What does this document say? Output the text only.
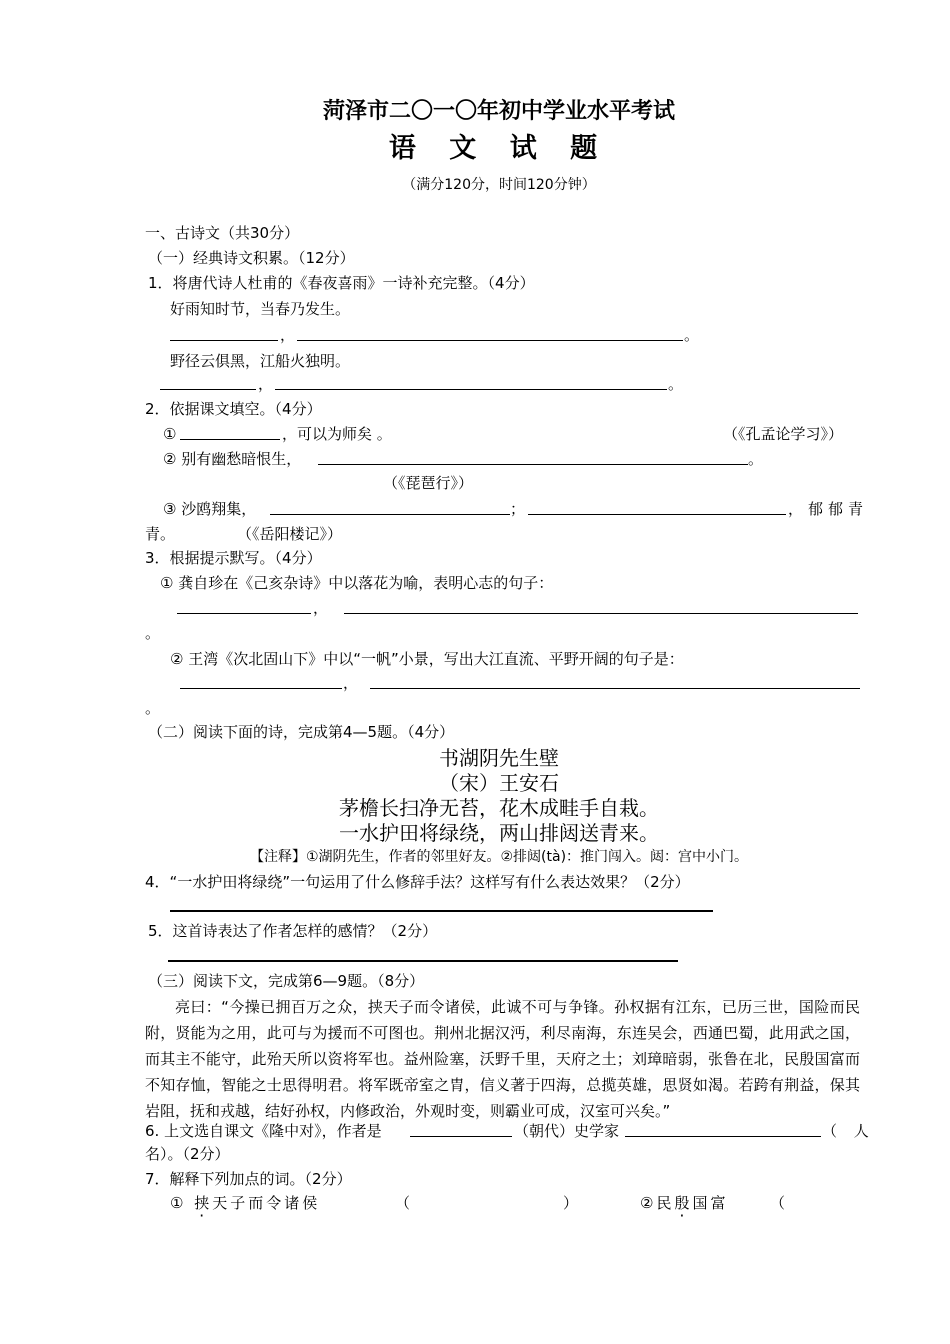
菏泽市二〇一〇年初中学业水平考试
语 文 试 题
（满分120分，时间120分钟）
一、古诗文（共30分）
（一）经典诗文积累。（12分）
1．将唐代诗人杜甫的《春夜喜雨》一诗补充完整。（4分）
好雨知时节，当春乃发生。
，	。
野径云俱黑，江船火独明。
，	。
2．依据课文填空。（4分）
①	，可以为师矣 。	（《孔孟论学习》）
② 别有幽愁暗恨生，	。
（《琵琶行》）
③ 沙鸥翔集，	；	，郁郁青
青。	（《岳阳楼记》）
3．根据提示默写。（4分）
① 龚自珍在《己亥杂诗》中以落花为喻，表明心志的句子：
，
。
② 王湾《次北固山下》中以“一帆”小景，写出大江直流、平野开阔的句子是：
，
。
（二）阅读下面的诗，完成第4—5题。（4分）
书湖阴先生壁
（宋）王安石
茅檐长扫净无苔，花木成畦手自栽。
一水护田将绿绕，两山排闼送青来。
【注释】①湖阴先生，作者的邻里好友。②排闼(tà)：推门闯入。闼：宫中小门。
4．“一水护田将绿绕”一句运用了什么修辞手法？这样写有什么表达效果？（2分）
5．这首诗表达了作者怎样的感情？（2分）
（三）阅读下文，完成第6—9题。（8分）
亮曰：“今操已拥百万之众，挟天子而令诸侯，此诚不可与争锋。孙权据有江东，已历三世，国险而民附，贤能为之用，此可与为援而不可图也。荆州北据汉沔，利尽南海，东连吴会，西通巴蜀，此用武之国，而其主不能守，此殆天所以资将军也。益州险塞，沃野千里，天府之土；刘璋暗弱，张鲁在北，民殷国富而不知存恤，智能之士思得明君。将军既帝室之胄，信义著于四海，总揽英雄，思贤如渴。若跨有荆益，保其岩阻，抚和戎越，结好孙权，内修政治，外观时变，则霸业可成，汉室可兴矣。”
6. 上文选自课文《隆中对》，作者是	（朝代）史学家	（ 人
名）。（2分）
7．解释下列加点的词。（2分）
① 挟天子而令诸侯	（	）	②民殷国富	（
